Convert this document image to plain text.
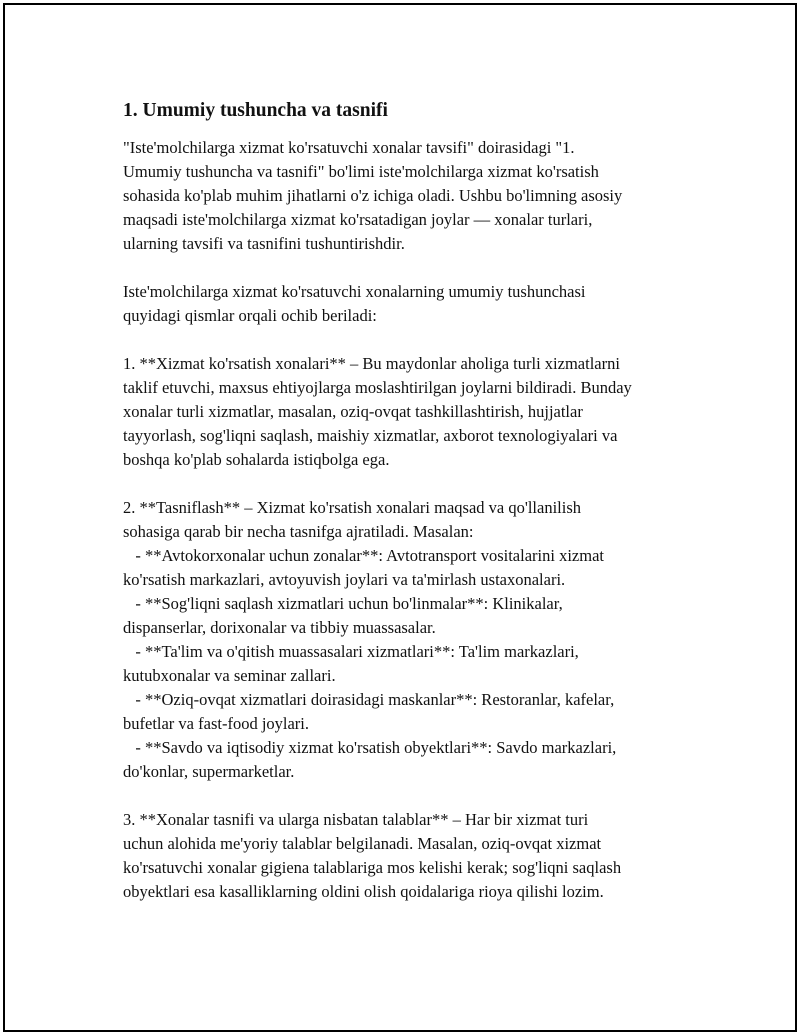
1. Umumiy tushuncha va tasnifi

"Iste'molchilarga xizmat ko'rsatuvchi xonalar tavsifi" doirasidagi "1.
Umumiy tushuncha va tasnifi" bo'limi iste'molchilarga xizmat ko'rsatish
sohasida ko'plab muhim jihatlarni o'z ichiga oladi. Ushbu bo'limning asosiy
maqsadi iste'molchilarga xizmat ko'rsatadigan joylar — xonalar turlari,
ularning tavsifi va tasnifini tushuntirishdir.

Iste'molchilarga xizmat ko'rsatuvchi xonalarning umumiy tushunchasi
quyidagi qismlar orqali ochib beriladi:

1. **Xizmat ko'rsatish xonalari** – Bu maydonlar aholiga turli xizmatlarni
taklif etuvchi, maxsus ehtiyojlarga moslashtirilgan joylarni bildiradi. Bunday
xonalar turli xizmatlar, masalan, oziq-ovqat tashkillashtirish, hujjatlar
tayyorlash, sog'liqni saqlash, maishiy xizmatlar, axborot texnologiyalari va
boshqa ko'plab sohalarda istiqbolga ega.

2. **Tasniflash** – Xizmat ko'rsatish xonalari maqsad va qo'llanilish
sohasiga qarab bir necha tasnifga ajratiladi. Masalan:
- **Avtokorxonalar uchun zonalar**: Avtotransport vositalarini xizmat
ko'rsatish markazlari, avtoyuvish joylari va ta'mirlash ustaxonalari.
- **Sog'liqni saqlash xizmatlari uchun bo'linmalar**: Klinikalar,
dispanserlar, dorixonalar va tibbiy muassasalar.
- **Ta'lim va o'qitish muassasalari xizmatlari**: Ta'lim markazlari,
kutubxonalar va seminar zallari.
- **Oziq-ovqat xizmatlari doirasidagi maskanlar**: Restoranlar, kafelar,
bufetlar va fast-food joylari.
- **Savdo va iqtisodiy xizmat ko'rsatish obyektlari**: Savdo markazlari,
do'konlar, supermarketlar.

3. **Xonalar tasnifi va ularga nisbatan talablar** – Har bir xizmat turi
uchun alohida me'yoriy talablar belgilanadi. Masalan, oziq-ovqat xizmat
ko'rsatuvchi xonalar gigiena talablariga mos kelishi kerak; sog'liqni saqlash
obyektlari esa kasalliklarning oldini olish qoidalariga rioya qilishi lozim.
